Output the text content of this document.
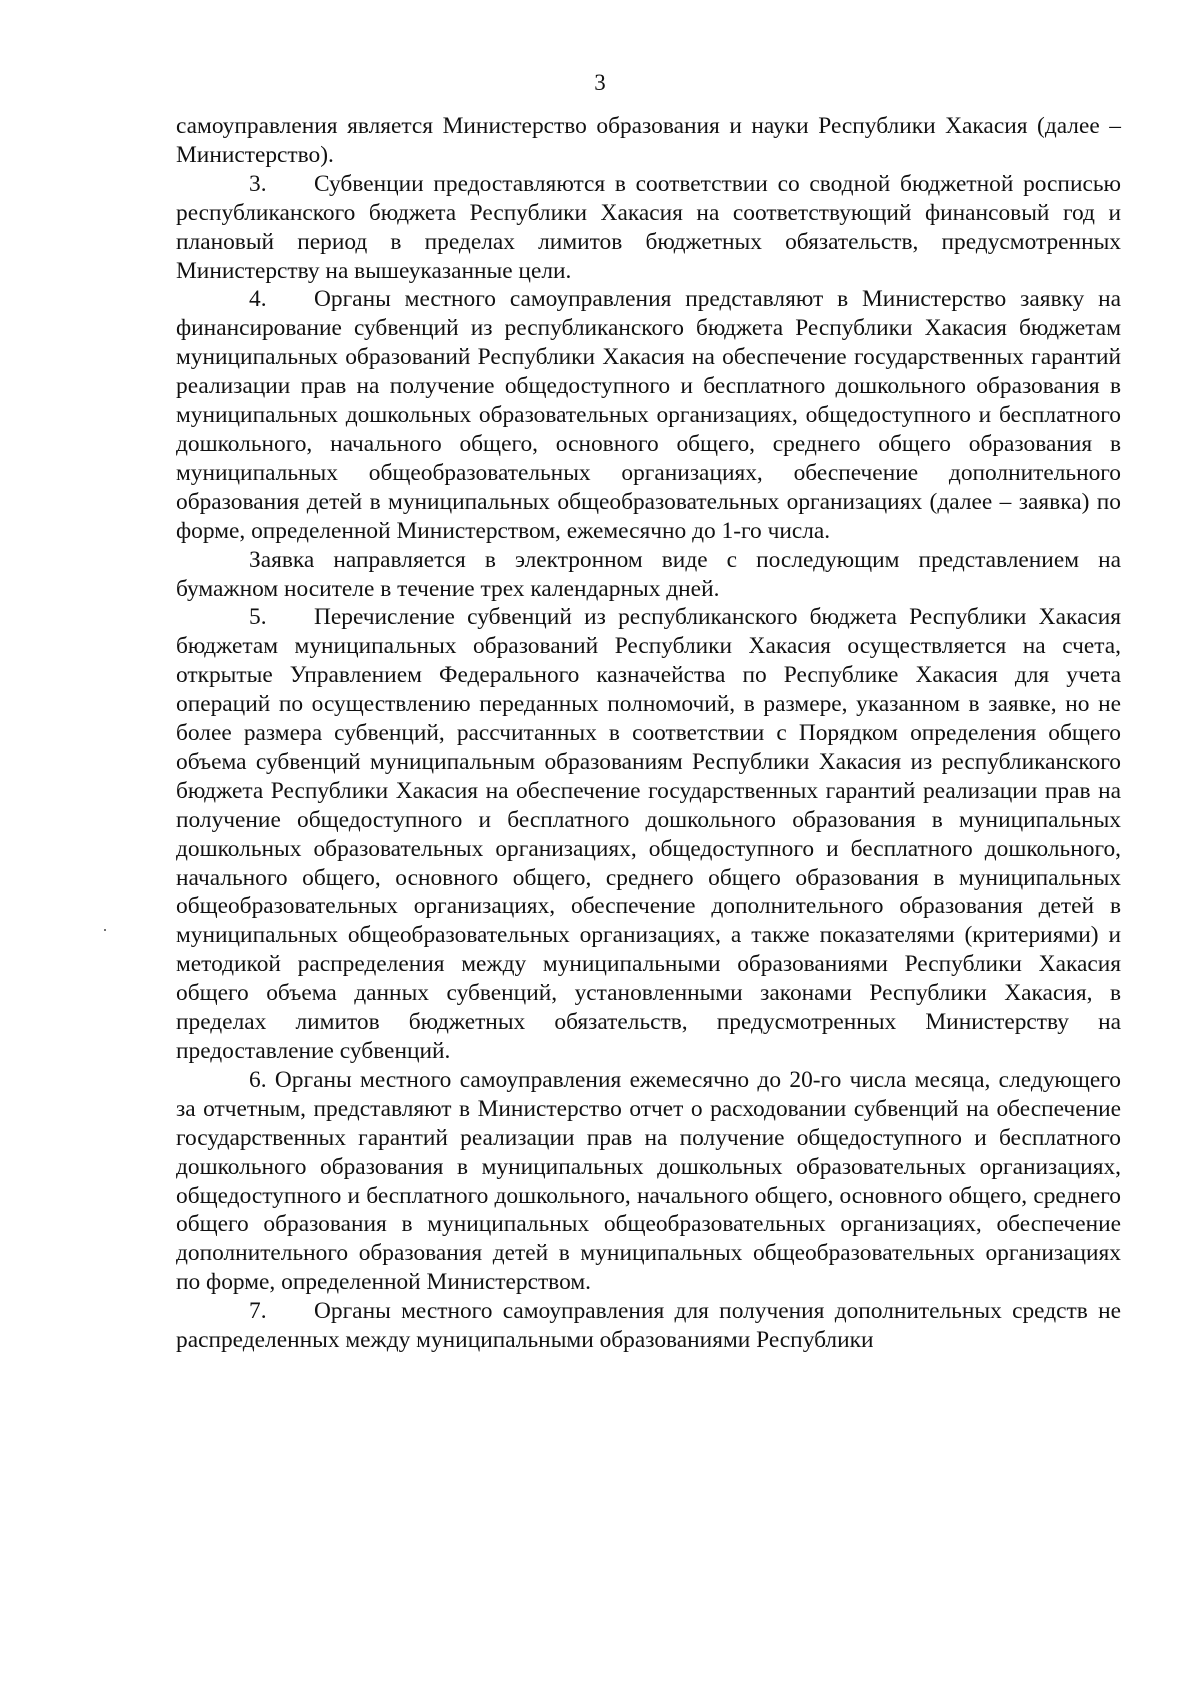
3

самоуправления является Министерство образования и науки Республики Хакасия (далее – Министерство).

3. Субвенции предоставляются в соответствии со сводной бюджетной росписью республиканского бюджета Республики Хакасия на соответствующий финансовый год и плановый период в пределах лимитов бюджетных обязательств, предусмотренных Министерству на вышеуказанные цели.

4. Органы местного самоуправления представляют в Министерство заявку на финансирование субвенций из республиканского бюджета Республики Хакасия бюджетам муниципальных образований Республики Хакасия на обеспечение государственных гарантий реализации прав на получение общедоступного и бесплатного дошкольного образования в муниципальных дошкольных образовательных организациях, общедоступного и бесплатного дошкольного, начального общего, основного общего, среднего общего образования в муниципальных общеобразовательных организациях, обеспечение дополнительного образования детей в муниципальных общеобразовательных организациях (далее – заявка) по форме, определенной Министерством, ежемесячно до 1-го числа.

Заявка направляется в электронном виде с последующим представлением на бумажном носителе в течение трех календарных дней.

5. Перечисление субвенций из республиканского бюджета Республики Хакасия бюджетам муниципальных образований Республики Хакасия осуществляется на счета, открытые Управлением Федерального казначейства по Республике Хакасия для учета операций по осуществлению переданных полномочий, в размере, указанном в заявке, но не более размера субвенций, рассчитанных в соответствии с Порядком определения общего объема субвенций муниципальным образованиям Республики Хакасия из республиканского бюджета Республики Хакасия на обеспечение государственных гарантий реализации прав на получение общедоступного и бесплатного дошкольного образования в муниципальных дошкольных образовательных организациях, общедоступного и бесплатного дошкольного, начального общего, основного общего, среднего общего образования в муниципальных общеобразовательных организациях, обеспечение дополнительного образования детей в муниципальных общеобразовательных организациях, а также показателями (критериями) и методикой распределения между муниципальными образованиями Республики Хакасия общего объема данных субвенций, установленными законами Республики Хакасия, в пределах лимитов бюджетных обязательств, предусмотренных Министерству на предоставление субвенций.

6. Органы местного самоуправления ежемесячно до 20-го числа месяца, следующего за отчетным, представляют в Министерство отчет о расходовании субвенций на обеспечение государственных гарантий реализации прав на получение общедоступного и бесплатного дошкольного образования в муниципальных дошкольных образовательных организациях, общедоступного и бесплатного дошкольного, начального общего, основного общего, среднего общего образования в муниципальных общеобразовательных организациях, обеспечение дополнительного образования детей в муниципальных общеобразовательных организациях по форме, определенной Министерством.

7. Органы местного самоуправления для получения дополнительных средств не распределенных между муниципальными образованиями Республики
